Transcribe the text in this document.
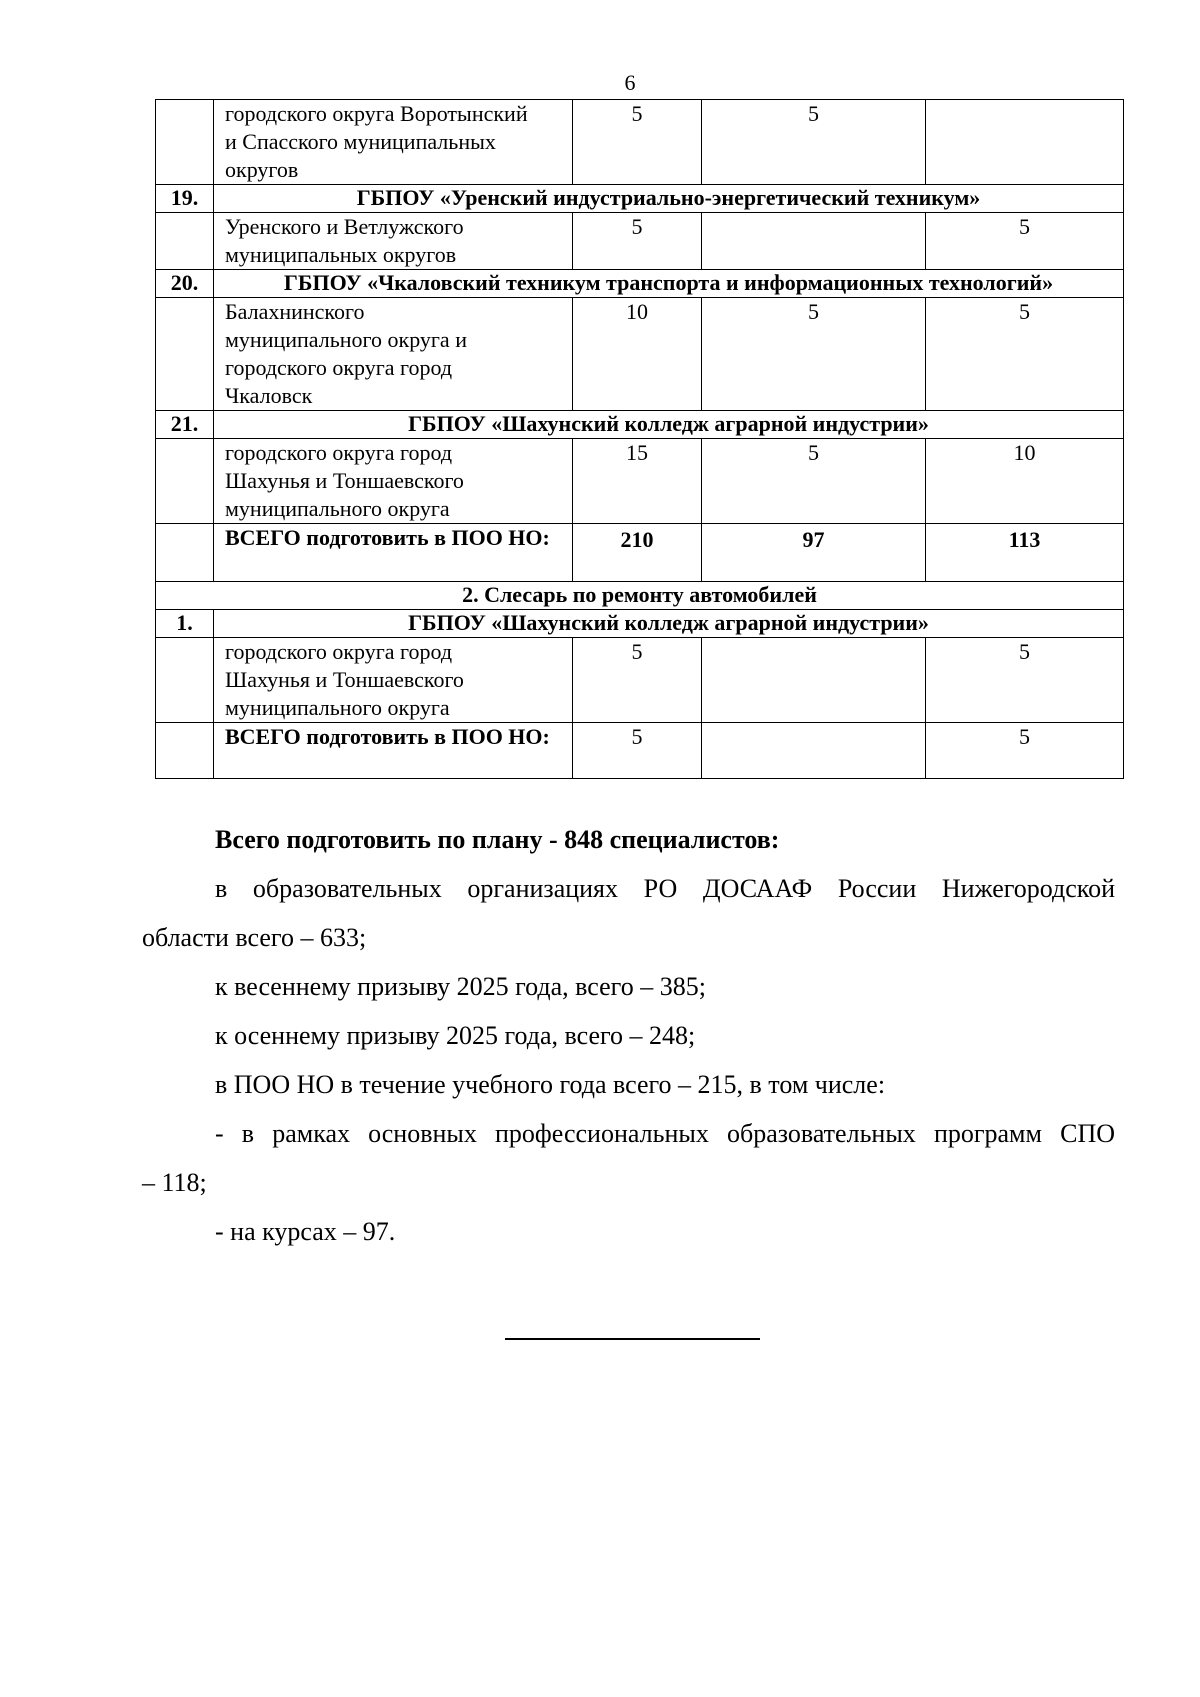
6

	городского округа Воротынский
и Спасского муниципальных
округов	5	5	
19.	ГБПОУ «Уренский индустриально-энергетический техникум»			

	Уренского и Ветлужского
муниципальных округов	5		5
20.	ГБПОУ «Чкаловский техникум транспорта и информационных технологий»			

	Балахнинского
муниципального округа и
городского округа город
Чкаловск	10	5	5
21.	ГБПОУ «Шахунский колледж аграрной индустрии»			

	городского округа город
Шахунья и Тоншаевского
муниципального округа	15	5	10
	ВСЕГО подготовить в ПОО НО:	210	97	113
2. Слесарь по ремонту автомобилей				
1.	ГБПОУ «Шахунский колледж аграрной индустрии»			

	городского округа город
Шахунья и Тоншаевского
муниципального округа	5		5
	ВСЕГО подготовить в ПОО НО:	5		5

Всего подготовить по плану - 848 специалистов:

в образовательных организациях РО ДОСААФ России Нижегородской

области всего – 633;

к весеннему призыву 2025 года, всего – 385;

к осеннему призыву 2025 года, всего – 248;

в ПОО НО в течение учебного года всего – 215, в том числе:

- в рамках основных профессиональных образовательных программ СПО

– 118;

- на курсах – 97.
